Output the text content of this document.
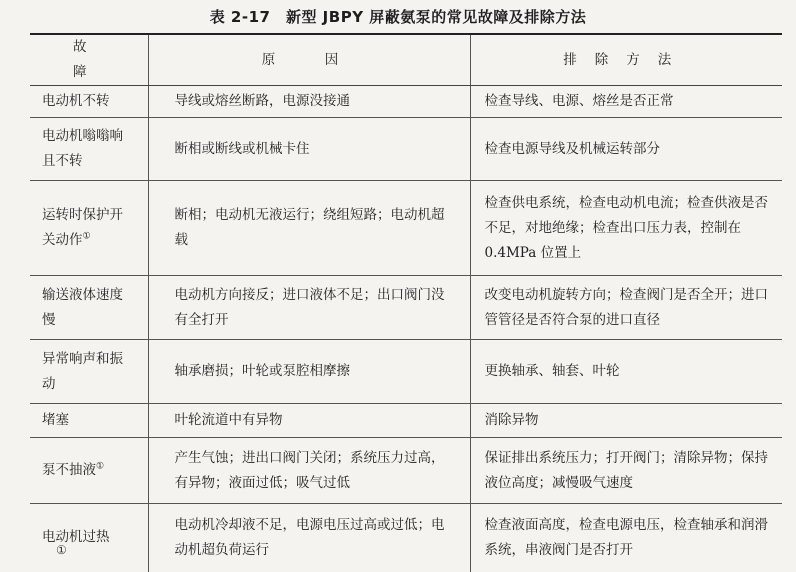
表 2-17　新型 JBPY 屏蔽氨泵的常见故障及排除方法
故　障	原　因	排除方法
电动机不转	导线或熔丝断路，电源没接通	检查导线、电源、熔丝是否正常
电动机嗡嗡响且不转	断相或断线或机械卡住	检查电源导线及机械运转部分
运转时保护开关动作①	断相；电动机无液运行；绕组短路；电动机超载	检查供电系统，检查电动机电流；检查供液是否不足，对地绝缘；检查出口压力表，控制在 0.4MPa 位置上
输送液体速度慢	电动机方向接反；进口液体不足；出口阀门没有全打开	改变电动机旋转方向；检查阀门是否全开；进口管管径是否符合泵的进口直径
异常响声和振动	轴承磨损；叶轮或泵腔相摩擦	更换轴承、轴套、叶轮
堵塞	叶轮流道中有异物	消除异物
泵不抽液①	产生气蚀；进出口阀门关闭；系统压力过高，有异物；液面过低；吸气过低	保证排出系统压力；打开阀门；清除异物；保持液位高度；减慢吸气速度
电动机过热	电动机冷却液不足，电源电压过高或过低；电动机超负荷运行	检查液面高度，检查电源电压，检查轴承和润滑系统，串液阀门是否打开
①
